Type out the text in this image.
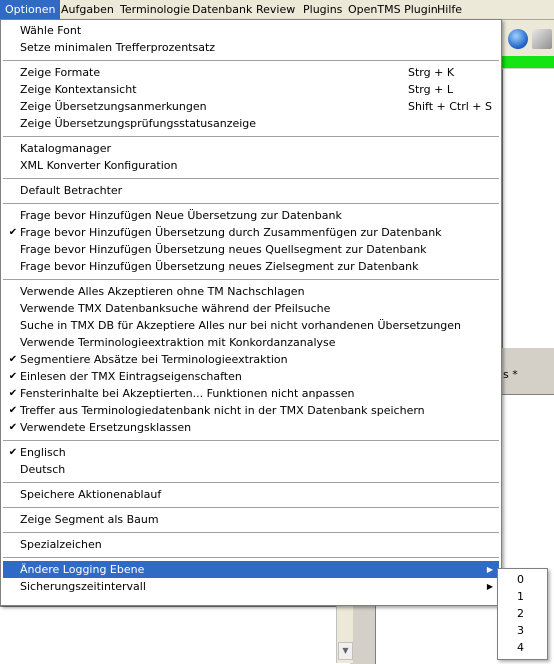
s *
▼
Optionen Aufgaben Terminologie Datenbank Review Plugins OpenTMS Plugin Hilfe
Wähle Font
Setze minimalen Trefferprozentsatz
Zeige Formate	Strg + K
Zeige Kontextansicht	Strg + L
Zeige Übersetzungsanmerkungen	Shift + Ctrl + S
Zeige Übersetzungsprüfungsstatusanzeige
Katalogmanager
XML Konverter Konfiguration
Default Betrachter
Frage bevor Hinzufügen Neue Übersetzung zur Datenbank
✔ Frage bevor Hinzufügen Übersetzung durch Zusammenfügen zur Datenbank
Frage bevor Hinzufügen Übersetzung neues Quellsegment zur Datenbank
Frage bevor Hinzufügen Übersetzung neues Zielsegment zur Datenbank
Verwende Alles Akzeptieren ohne TM Nachschlagen
Verwende TMX Datenbanksuche während der Pfeilsuche
Suche in TMX DB für Akzeptiere Alles nur bei nicht vorhandenen Übersetzungen
Verwende Terminologieextraktion mit Konkordanzanalyse
✔ Segmentiere Absätze bei Terminologieextraktion
✔ Einlesen der TMX Eintragseigenschaften
✔ Fensterinhalte bei Akzeptierten... Funktionen nicht anpassen
✔ Treffer aus Terminologiedatenbank nicht in der TMX Datenbank speichern
✔ Verwendete Ersetzungsklassen
✔ Englisch
Deutsch
Speichere Aktionenablauf
Zeige Segment als Baum
Spezialzeichen
Ändere Logging Ebene	▶
Sicherungszeitintervall	▶
0
1
2
3
4
